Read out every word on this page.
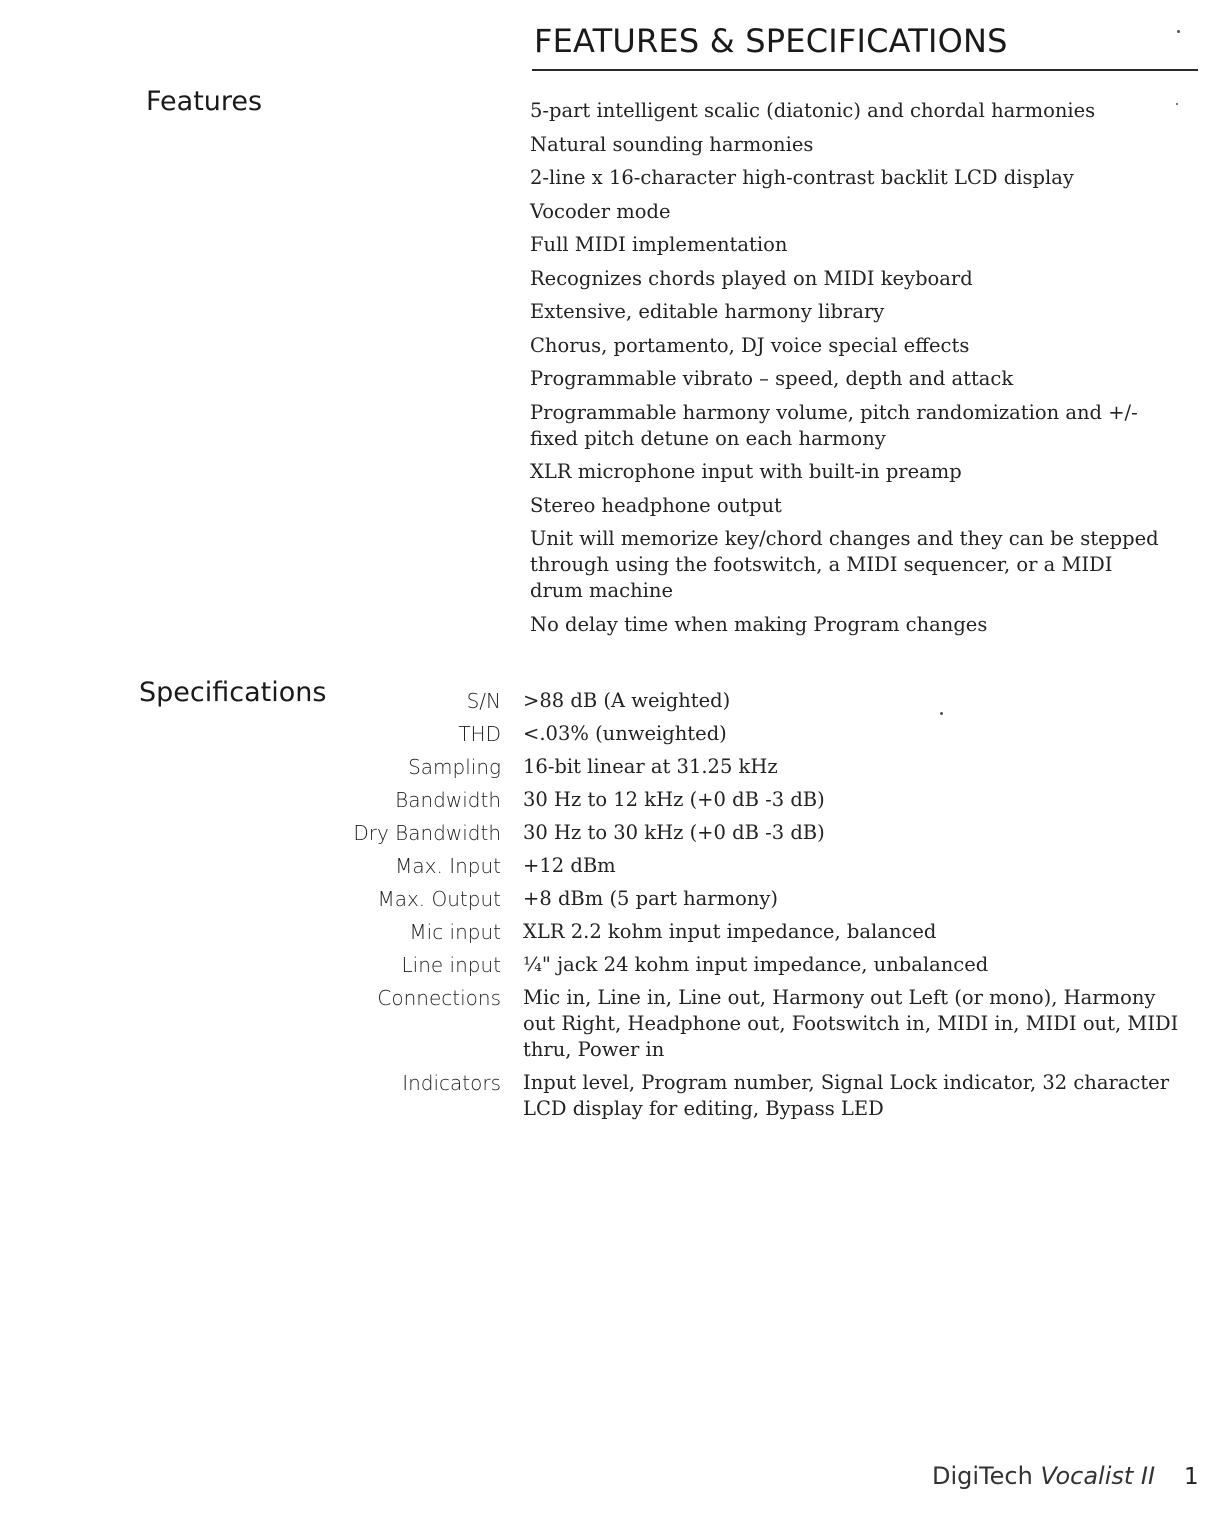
FEATURES & SPECIFICATIONS
Features	5-part intelligent scalic (diatonic) and chordal harmonies
Natural sounding harmonies
2-line x 16-character high-contrast backlit LCD display
Vocoder mode
Full MIDI implementation
Recognizes chords played on MIDI keyboard
Extensive, editable harmony library
Chorus, portamento, DJ voice special effects
Programmable vibrato – speed, depth and attack
Programmable harmony volume, pitch randomization and +/- fixed pitch detune on each harmony
XLR microphone input with built-in preamp
Stereo headphone output
Unit will memorize key/chord changes and they can be stepped through using the footswitch, a MIDI sequencer, or a MIDI drum machine
No delay time when making Program changes
Specifications	S/N	>88 dB (A weighted)
THD	<.03% (unweighted)
Sampling	16-bit linear at 31.25 kHz
Bandwidth	30 Hz to 12 kHz (+0 dB -3 dB)
Dry Bandwidth	30 Hz to 30 kHz (+0 dB -3 dB)
Max. Input	+12 dBm
Max. Output	+8 dBm (5 part harmony)
Mic input	XLR 2.2 kohm input impedance, balanced
Line input	¼" jack 24 kohm input impedance, unbalanced
Connections	Mic in, Line in, Line out, Harmony out Left (or mono), Harmony out Right, Headphone out, Footswitch in, MIDI in, MIDI out, MIDI thru, Power in
Indicators	Input level, Program number, Signal Lock indicator, 32 character LCD display for editing, Bypass LED
DigiTech Vocalist II 1
